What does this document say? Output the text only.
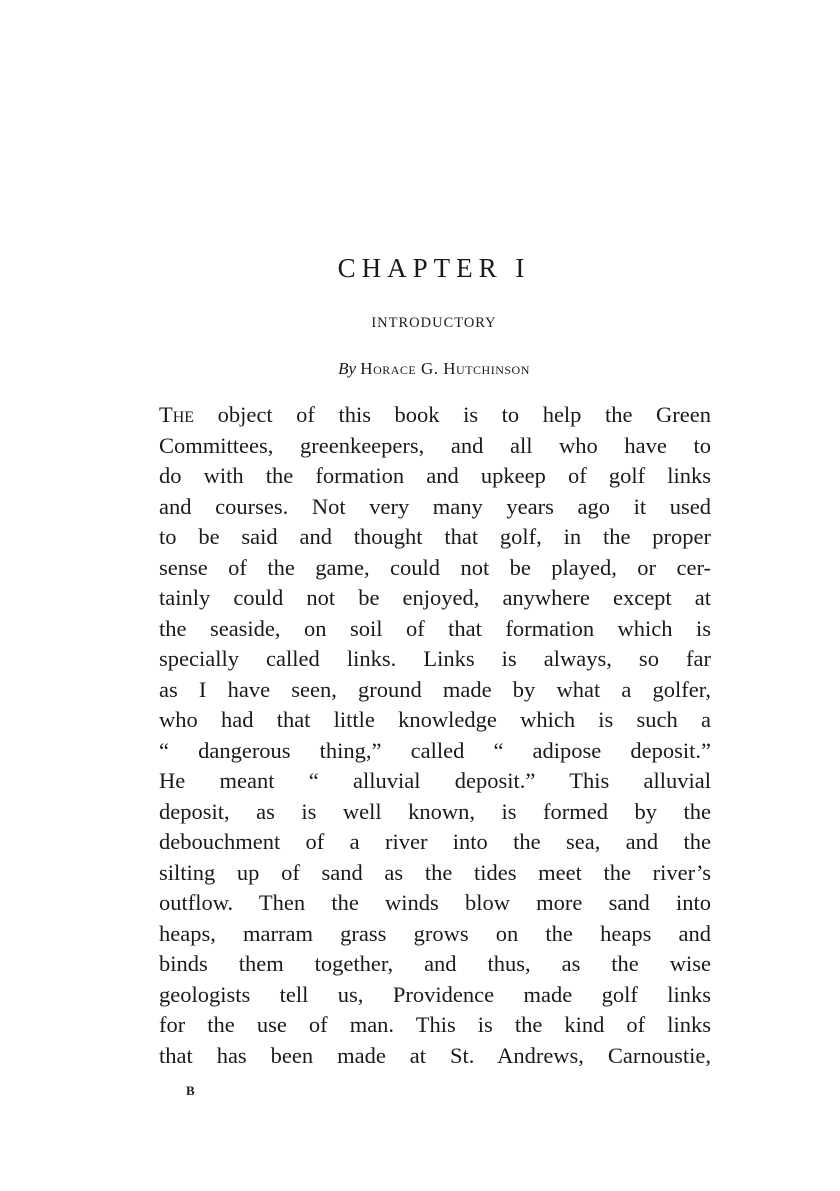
CHAPTER I
INTRODUCTORY
By Horace G. Hutchinson
The object of this book is to help the Green
Committees, greenkeepers, and all who have to
do with the formation and upkeep of golf links
and courses. Not very many years ago it used
to be said and thought that golf, in the proper
sense of the game, could not be played, or cer-
tainly could not be enjoyed, anywhere except at
the seaside, on soil of that formation which is
specially called links. Links is always, so far
as I have seen, ground made by what a golfer,
who had that little knowledge which is such a
“ dangerous thing,” called “ adipose deposit.”
He meant “ alluvial deposit.” This alluvial
deposit, as is well known, is formed by the
debouchment of a river into the sea, and the
silting up of sand as the tides meet the river’s
outflow. Then the winds blow more sand into
heaps, marram grass grows on the heaps and
binds them together, and thus, as the wise
geologists tell us, Providence made golf links
for the use of man. This is the kind of links
that has been made at St. Andrews, Carnoustie,
B
